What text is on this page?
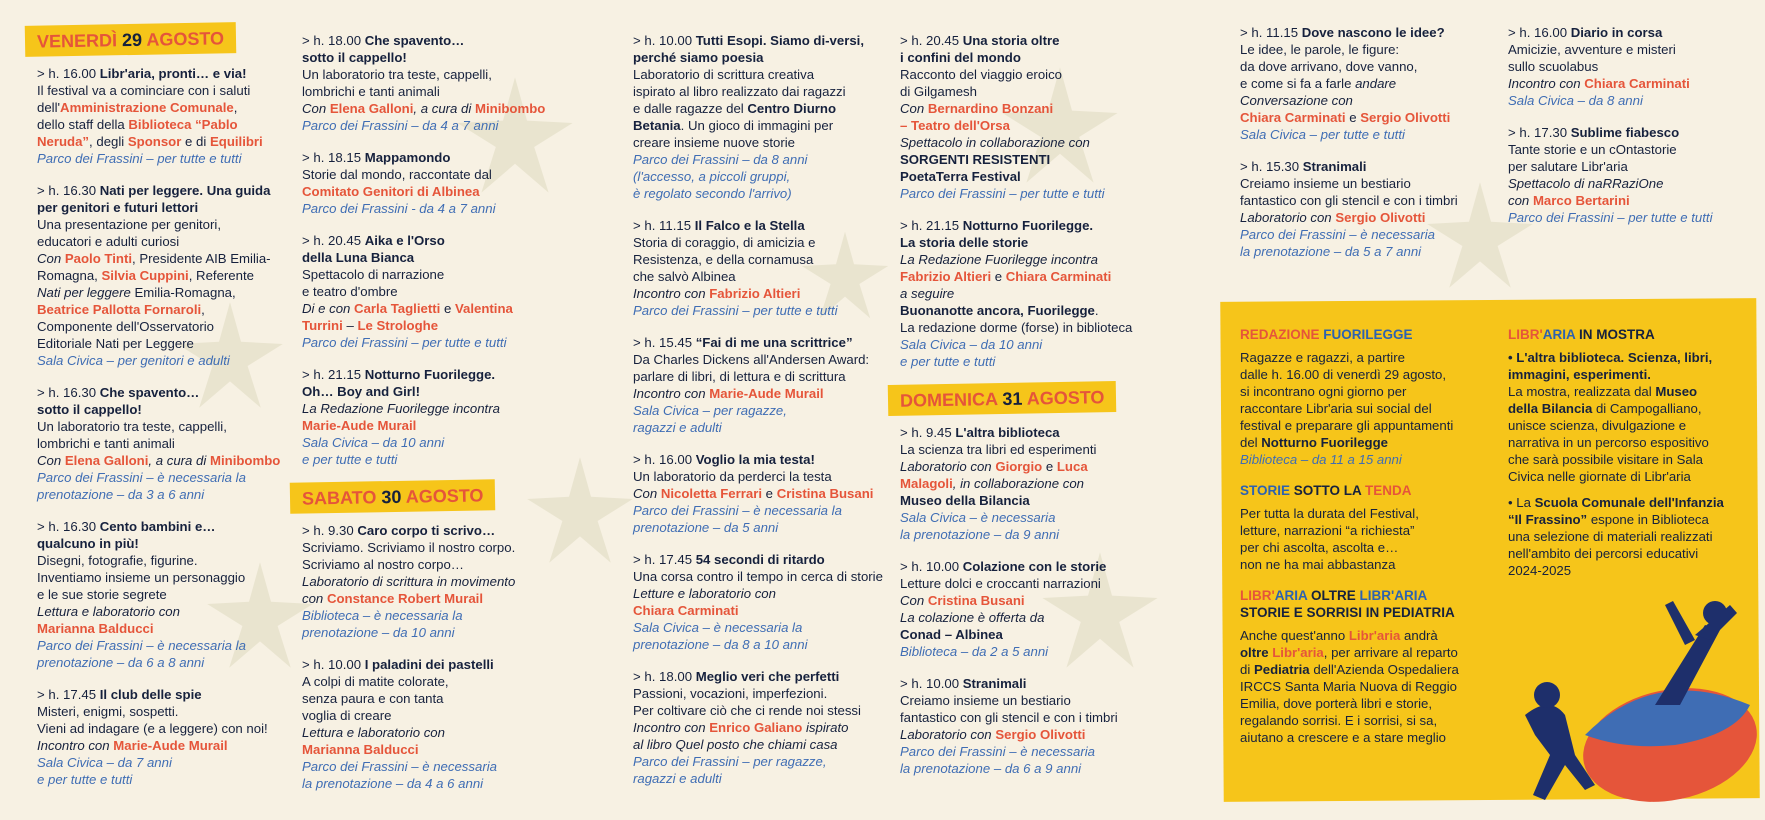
VENERDÌ 29 AGOSTO
> h. 16.00 Libr'aria, pronti… e via!
Il festival va a cominciare con i saluti
dell'Amministrazione Comunale,
dello staff della Biblioteca “Pablo
Neruda”, degli Sponsor e di Equilibri
Parco dei Frassini – per tutte e tutti
> h. 16.30 Nati per leggere. Una guida
per genitori e futuri lettori
Una presentazione per genitori,
educatori e adulti curiosi
Con Paolo Tinti, Presidente AIB Emilia-
Romagna, Silvia Cuppini, Referente
Nati per leggere Emilia-Romagna,
Beatrice Pallotta Fornaroli,
Componente dell'Osservatorio
Editoriale Nati per Leggere
Sala Civica – per genitori e adulti
> h. 16.30 Che spavento…
sotto il cappello!
Un laboratorio tra teste, cappelli,
lombrichi e tanti animali
Con Elena Galloni, a cura di Minibombo
Parco dei Frassini – è necessaria la
prenotazione – da 3 a 6 anni
> h. 16.30 Cento bambini e…
qualcuno in più!
Disegni, fotografie, figurine.
Inventiamo insieme un personaggio
e le sue storie segrete
Lettura e laboratorio con
Marianna Balducci
Parco dei Frassini – è necessaria la
prenotazione – da 6 a 8 anni
> h. 17.45 Il club delle spie
Misteri, enigmi, sospetti.
Vieni ad indagare (e a leggere) con noi!
Incontro con Marie-Aude Murail
Sala Civica – da 7 anni
e per tutte e tutti
> h. 18.00 Che spavento…
sotto il cappello!
Un laboratorio tra teste, cappelli,
lombrichi e tanti animali
Con Elena Galloni, a cura di Minibombo
Parco dei Frassini – da 4 a 7 anni
> h. 18.15 Mappamondo
Storie dal mondo, raccontate dal
Comitato Genitori di Albinea
Parco dei Frassini - da 4 a 7 anni
> h. 20.45 Aika e l'Orso
della Luna Bianca
Spettacolo di narrazione
e teatro d'ombre
Di e con Carla Taglietti e Valentina
Turrini – Le Strologhe
Parco dei Frassini – per tutte e tutti
> h. 21.15 Notturno Fuorilegge.
Oh… Boy and Girl!
La Redazione Fuorilegge incontra
Marie-Aude Murail
Sala Civica – da 10 anni
e per tutte e tutti
SABATO 30 AGOSTO
> h. 9.30 Caro corpo ti scrivo…
Scriviamo. Scriviamo il nostro corpo.
Scriviamo al nostro corpo…
Laboratorio di scrittura in movimento
con Constance Robert Murail
Biblioteca – è necessaria la
prenotazione – da 10 anni
> h. 10.00 I paladini dei pastelli
A colpi di matite colorate,
senza paura e con tanta
voglia di creare
Lettura e laboratorio con
Marianna Balducci
Parco dei Frassini – è necessaria
la prenotazione – da 4 a 6 anni
> h. 10.00 Tutti Esopi. Siamo di-versi,
perché siamo poesia
Laboratorio di scrittura creativa
ispirato al libro realizzato dai ragazzi
e dalle ragazze del Centro Diurno
Betania. Un gioco di immagini per
creare insieme nuove storie
Parco dei Frassini – da 8 anni
(l'accesso, a piccoli gruppi,
è regolato secondo l'arrivo)
> h. 11.15 Il Falco e la Stella
Storia di coraggio, di amicizia e
Resistenza, e della cornamusa
che salvò Albinea
Incontro con Fabrizio Altieri
Parco dei Frassini – per tutte e tutti
> h. 15.45 “Fai di me una scrittrice”
Da Charles Dickens all'Andersen Award:
parlare di libri, di lettura e di scrittura
Incontro con Marie-Aude Murail
Sala Civica – per ragazze,
ragazzi e adulti
> h. 16.00 Voglio la mia testa!
Un laboratorio da perderci la testa
Con Nicoletta Ferrari e Cristina Busani
Parco dei Frassini – è necessaria la
prenotazione – da 5 anni
> h. 17.45 54 secondi di ritardo
Una corsa contro il tempo in cerca di storie
Letture e laboratorio con
Chiara Carminati
Sala Civica – è necessaria la
prenotazione – da 8 a 10 anni
> h. 18.00 Meglio veri che perfetti
Passioni, vocazioni, imperfezioni.
Per coltivare ciò che ci rende noi stessi
Incontro con Enrico Galiano ispirato
al libro Quel posto che chiami casa
Parco dei Frassini – per ragazze,
ragazzi e adulti
> h. 20.45 Una storia oltre
i confini del mondo
Racconto del viaggio eroico
di Gilgamesh
Con Bernardino Bonzani
– Teatro dell'Orsa
Spettacolo in collaborazione con
SORGENTI RESISTENTI
PoetaTerra Festival
Parco dei Frassini – per tutte e tutti
> h. 21.15 Notturno Fuorilegge.
La storia delle storie
La Redazione Fuorilegge incontra
Fabrizio Altieri e Chiara Carminati
a seguire
Buonanotte ancora, Fuorilegge.
La redazione dorme (forse) in biblioteca
Sala Civica – da 10 anni
e per tutte e tutti
DOMENICA 31 AGOSTO
> h. 9.45 L'altra biblioteca
La scienza tra libri ed esperimenti
Laboratorio con Giorgio e Luca
Malagoli, in collaborazione con
Museo della Bilancia
Sala Civica – è necessaria
la prenotazione – da 9 anni
> h. 10.00 Colazione con le storie
Letture dolci e croccanti narrazioni
Con Cristina Busani
La colazione è offerta da
Conad – Albinea
Biblioteca – da 2 a 5 anni
> h. 10.00 Stranimali
Creiamo insieme un bestiario
fantastico con gli stencil e con i timbri
Laboratorio con Sergio Olivotti
Parco dei Frassini – è necessaria
la prenotazione – da 6 a 9 anni
> h. 11.15 Dove nascono le idee?
Le idee, le parole, le figure:
da dove arrivano, dove vanno,
e come si fa a farle andare
Conversazione con
Chiara Carminati e Sergio Olivotti
Sala Civica – per tutte e tutti
> h. 15.30 Stranimali
Creiamo insieme un bestiario
fantastico con gli stencil e con i timbri
Laboratorio con Sergio Olivotti
Parco dei Frassini – è necessaria
la prenotazione – da 5 a 7 anni
> h. 16.00 Diario in corsa
Amicizie, avventure e misteri
sullo scuolabus
Incontro con Chiara Carminati
Sala Civica – da 8 anni
> h. 17.30 Sublime fiabesco
Tante storie e un cOntastorie
per salutare Libr'aria
Spettacolo di naRRaziOne
con Marco Bertarini
Parco dei Frassini – per tutte e tutti
REDAZIONE FUORILEGGE
Ragazze e ragazzi, a partire
dalle h. 16.00 di venerdì 29 agosto,
si incontrano ogni giorno per
raccontare Libr'aria sui social del
festival e preparare gli appuntamenti
del Notturno Fuorilegge
Biblioteca – da 11 a 15 anni
STORIE SOTTO LA TENDA
Per tutta la durata del Festival,
letture, narrazioni “a richiesta”
per chi ascolta, ascolta e…
non ne ha mai abbastanza
LIBR'ARIA OLTRE LIBR'ARIA
STORIE E SORRISI IN PEDIATRIA
Anche quest'anno Libr'aria andrà
oltre Libr'aria, per arrivare al reparto
di Pediatria dell'Azienda Ospedaliera
IRCCS Santa Maria Nuova di Reggio
Emilia, dove porterà libri e storie,
regalando sorrisi. E i sorrisi, si sa,
aiutano a crescere e a stare meglio
LIBR'ARIA IN MOSTRA
• L'altra biblioteca. Scienza, libri,
immagini, esperimenti.
La mostra, realizzata dal Museo
della Bilancia di Campogalliano,
unisce scienza, divulgazione e
narrativa in un percorso espositivo
che sarà possibile visitare in Sala
Civica nelle giornate di Libr'aria
• La Scuola Comunale dell'Infanzia
“Il Frassino” espone in Biblioteca
una selezione di materiali realizzati
nell'ambito dei percorsi educativi
2024-2025
